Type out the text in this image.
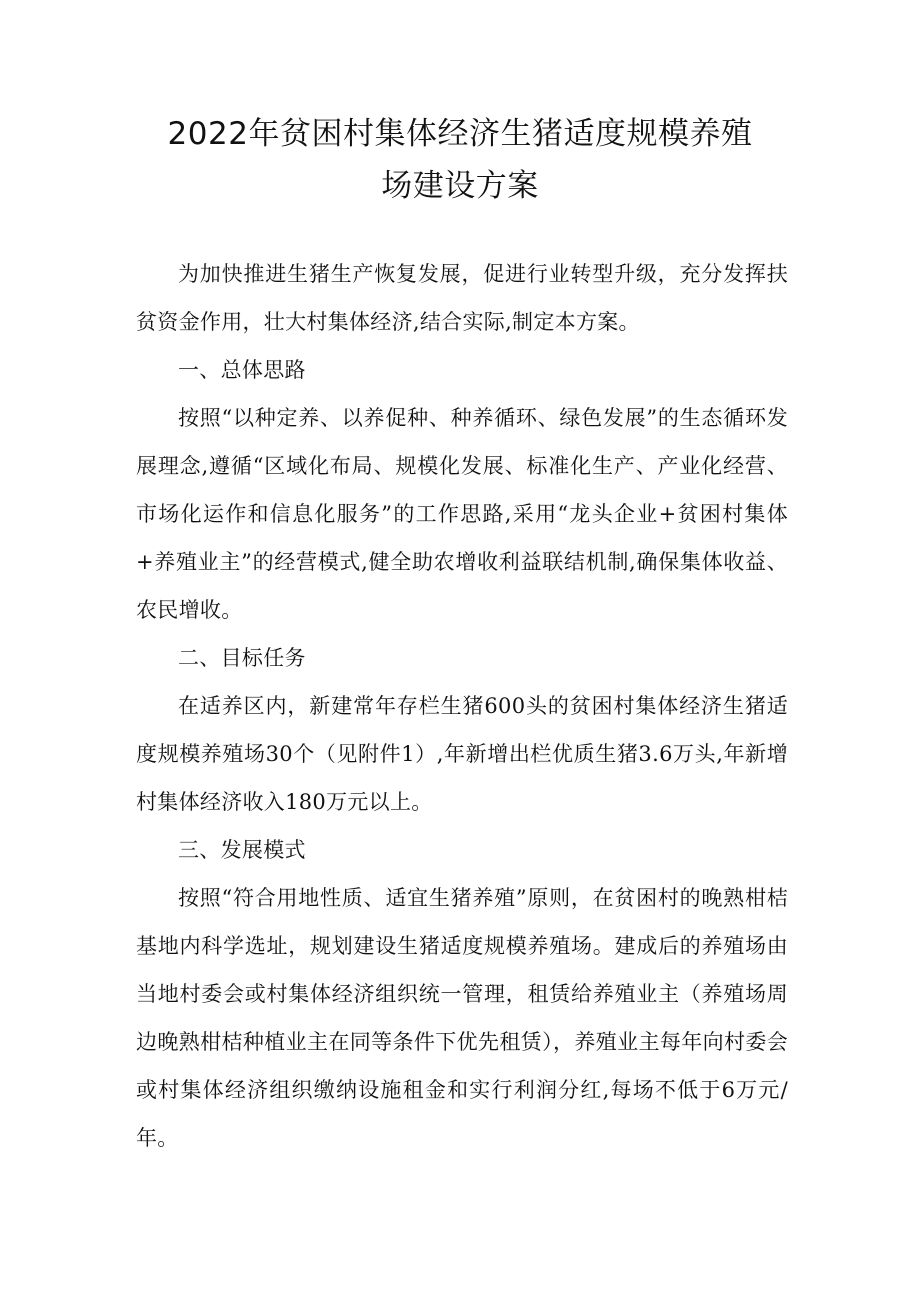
2022年贫困村集体经济生猪适度规模养殖
场建设方案

为加快推进生猪生产恢复发展，促进行业转型升级，充分发挥扶贫资金作用，壮大村集体经济,结合实际,制定本方案。

一、总体思路

按照“以种定养、以养促种、种养循环、绿色发展”的生态循环发展理念,遵循“区域化布局、规模化发展、标准化生产、产业化经营、市场化运作和信息化服务”的工作思路,采用“龙头企业+贫困村集体+养殖业主”的经营模式,健全助农增收利益联结机制,确保集体收益、农民增收。

二、目标任务

在适养区内，新建常年存栏生猪600头的贫困村集体经济生猪适度规模养殖场30个（见附件1）,年新增出栏优质生猪3.6万头,年新增村集体经济收入180万元以上。

三、发展模式

按照“符合用地性质、适宜生猪养殖”原则，在贫困村的晚熟柑桔基地内科学选址，规划建设生猪适度规模养殖场。建成后的养殖场由当地村委会或村集体经济组织统一管理，租赁给养殖业主（养殖场周边晚熟柑桔种植业主在同等条件下优先租赁），养殖业主每年向村委会或村集体经济组织缴纳设施租金和实行利润分红,每场不低于6万元/年。
